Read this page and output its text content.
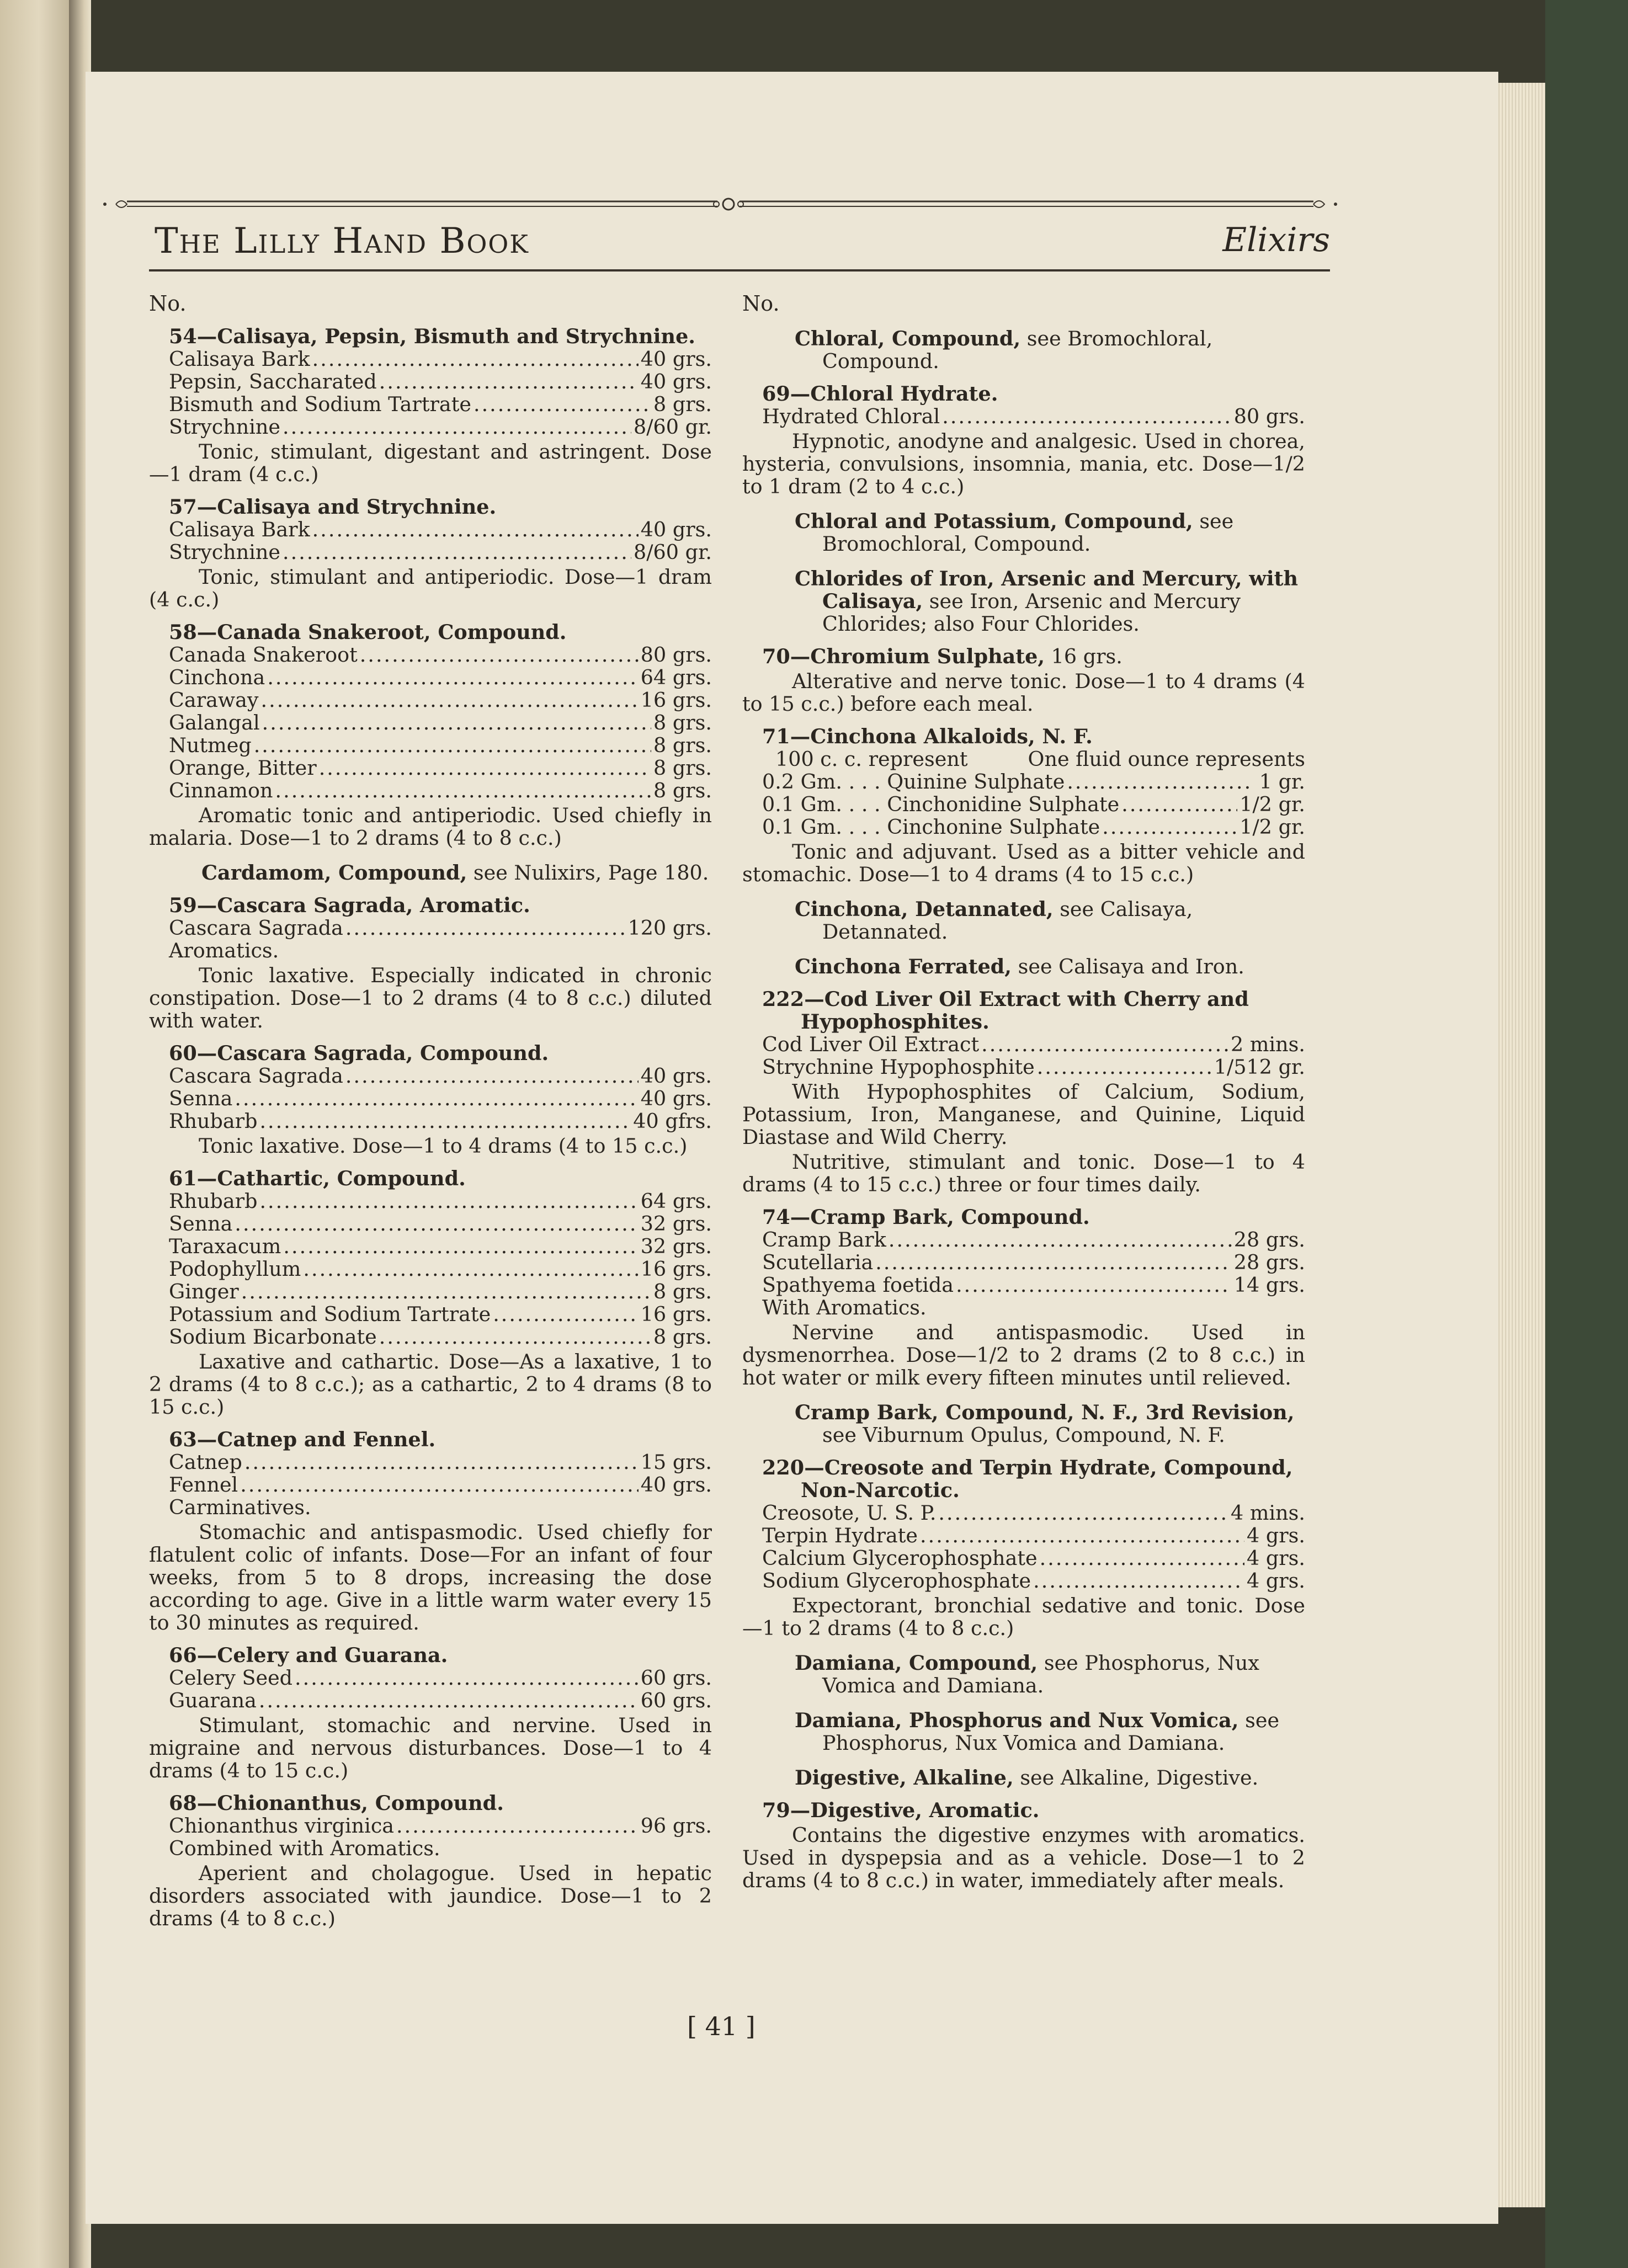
The Lilly Hand Book	Elixirs
No.
54—Calisaya, Pepsin, Bismuth and Strychnine.
Calisaya Bark .....	40 grs.
Pepsin, Saccharated .....	40 grs.
Bismuth and Sodium Tartrate .....	8 grs.
Strychnine .....	8/60 gr.
Tonic, stimulant, digestant and astringent. Dose —1 dram (4 c.c.)
57—Calisaya and Strychnine.
Calisaya Bark .....	40 grs.
Strychnine .....	8/60 gr.
Tonic, stimulant and antiperiodic. Dose—1 dram (4 c.c.)
58—Canada Snakeroot, Compound.
Canada Snakeroot .....	80 grs.
Cinchona .....	64 grs.
Caraway .....	16 grs.
Galangal .....	8 grs.
Nutmeg .....	8 grs.
Orange, Bitter .....	8 grs.
Cinnamon .....	8 grs.
Aromatic tonic and antiperiodic. Used chiefly in malaria. Dose—1 to 2 drams (4 to 8 c.c.)
Cardamom, Compound, see Nulixirs, Page 180.
59—Cascara Sagrada, Aromatic.
Cascara Sagrada .....	120 grs.
Aromatics.
Tonic laxative. Especially indicated in chronic constipation. Dose—1 to 2 drams (4 to 8 c.c.) diluted with water.
60—Cascara Sagrada, Compound.
Cascara Sagrada .....	40 grs.
Senna .....	40 grs.
Rhubarb .....	40 gfrs.
Tonic laxative. Dose—1 to 4 drams (4 to 15 c.c.)
61—Cathartic, Compound.
Rhubarb .....	64 grs.
Senna .....	32 grs.
Taraxacum .....	32 grs.
Podophyllum .....	16 grs.
Ginger .....	8 grs.
Potassium and Sodium Tartrate .....	16 grs.
Sodium Bicarbonate .....	8 grs.
Laxative and cathartic. Dose—As a laxative, 1 to 2 drams (4 to 8 c.c.); as a cathartic, 2 to 4 drams (8 to 15 c.c.)
63—Catnep and Fennel.
Catnep .....	15 grs.
Fennel .....	40 grs.
Carminatives.
Stomachic and antispasmodic. Used chiefly for flatulent colic of infants. Dose—For an infant of four weeks, from 5 to 8 drops, increasing the dose according to age. Give in a little warm water every 15 to 30 minutes as required.
66—Celery and Guarana.
Celery Seed .....	60 grs.
Guarana .....	60 grs.
Stimulant, stomachic and nervine. Used in migraine and nervous disturbances. Dose—1 to 4 drams (4 to 15 c.c.)
68—Chionanthus, Compound.
Chionanthus virginica .....	96 grs.
Combined with Aromatics.
Aperient and cholagogue. Used in hepatic disorders associated with jaundice. Dose—1 to 2 drams (4 to 8 c.c.)
No.
Chloral, Compound, see Bromochloral, Compound.
69—Chloral Hydrate.
Hydrated Chloral .....	80 grs.
Hypnotic, anodyne and analgesic. Used in chorea, hysteria, convulsions, insomnia, mania, etc. Dose—1/2 to 1 dram (2 to 4 c.c.)
Chloral and Potassium, Compound, see Bromochloral, Compound.
Chlorides of Iron, Arsenic and Mercury, with Calisaya, see Iron, Arsenic and Mercury Chlorides; also Four Chlorides.
70—Chromium Sulphate, 16 grs.
Alterative and nerve tonic. Dose—1 to 4 drams (4 to 15 c.c.) before each meal.
71—Cinchona Alkaloids, N. F.
100 c. c. represent	One fluid ounce represents
0.2 Gm. . . . Quinine Sulphate .....	1 gr.
0.1 Gm. . . . Cinchonidine Sulphate .....	1/2 gr.
0.1 Gm. . . . Cinchonine Sulphate .....	1/2 gr.
Tonic and adjuvant. Used as a bitter vehicle and stomachic. Dose—1 to 4 drams (4 to 15 c.c.)
Cinchona, Detannated, see Calisaya, Detannated.
Cinchona Ferrated, see Calisaya and Iron.
222—Cod Liver Oil Extract with Cherry and Hypophosphites.
Cod Liver Oil Extract .....	2 mins.
Strychnine Hypophosphite .....	1/512 gr.
With Hypophosphites of Calcium, Sodium, Potassium, Iron, Manganese, and Quinine, Liquid Diastase and Wild Cherry.
Nutritive, stimulant and tonic. Dose—1 to 4 drams (4 to 15 c.c.) three or four times daily.
74—Cramp Bark, Compound.
Cramp Bark .....	28 grs.
Scutellaria .....	28 grs.
Spathyema foetida .....	14 grs.
With Aromatics.
Nervine and antispasmodic. Used in dysmenorrhea. Dose—1/2 to 2 drams (2 to 8 c.c.) in hot water or milk every fifteen minutes until relieved.
Cramp Bark, Compound, N. F., 3rd Revision, see Viburnum Opulus, Compound, N. F.
220—Creosote and Terpin Hydrate, Compound, Non-Narcotic.
Creosote, U. S. P. .....	4 mins.
Terpin Hydrate .....	4 grs.
Calcium Glycerophosphate .....	4 grs.
Sodium Glycerophosphate .....	4 grs.
Expectorant, bronchial sedative and tonic. Dose —1 to 2 drams (4 to 8 c.c.)
Damiana, Compound, see Phosphorus, Nux Vomica and Damiana.
Damiana, Phosphorus and Nux Vomica, see Phosphorus, Nux Vomica and Damiana.
Digestive, Alkaline, see Alkaline, Digestive.
79—Digestive, Aromatic.
Contains the digestive enzymes with aromatics. Used in dyspepsia and as a vehicle. Dose—1 to 2 drams (4 to 8 c.c.) in water, immediately after meals.
[ 41 ]
